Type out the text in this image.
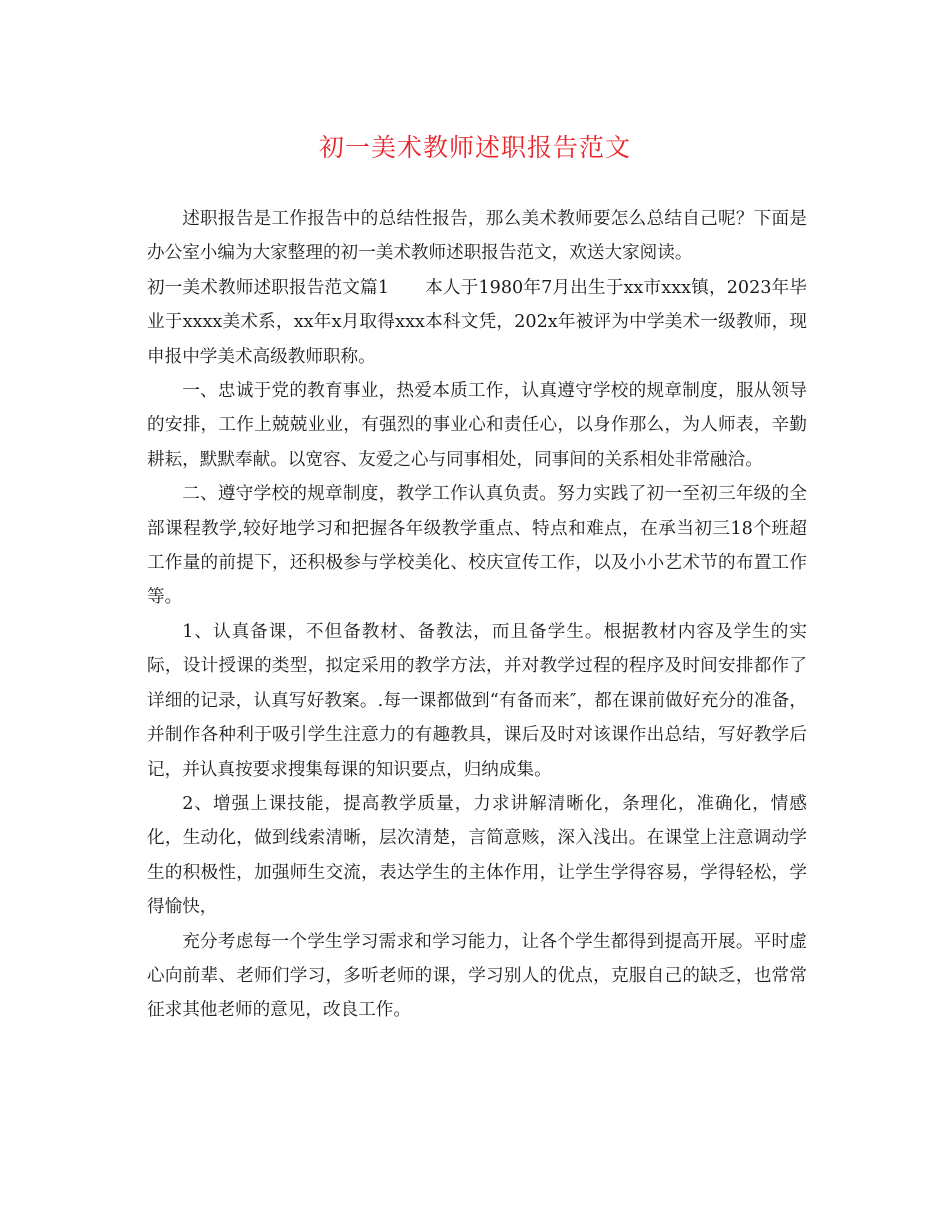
初一美术教师述职报告范文

述职报告是工作报告中的总结性报告，那么美术教师要怎么总结自己呢？下面是办公室小编为大家整理的初一美术教师述职报告范文，欢送大家阅读。

初一美术教师述职报告范文篇1 本人于1980年7月出生于xx市xxx镇，2023年毕业于xxxx美术系，xx年x月取得xxx本科文凭，202x年被评为中学美术一级教师，现申报中学美术高级教师职称。

一、忠诚于党的教育事业，热爱本质工作，认真遵守学校的规章制度，服从领导的安排，工作上兢兢业业，有强烈的事业心和责任心，以身作那么，为人师表，辛勤耕耘，默默奉献。以宽容、友爱之心与同事相处，同事间的关系相处非常融洽。

二、遵守学校的规章制度，教学工作认真负责。努力实践了初一至初三年级的全部课程教学,较好地学习和把握各年级教学重点、特点和难点，在承当初三18个班超工作量的前提下，还积极参与学校美化、校庆宣传工作，以及小小艺术节的布置工作等。

1、认真备课，不但备教材、备教法，而且备学生。根据教材内容及学生的实际，设计授课的类型，拟定采用的教学方法，并对教学过程的程序及时间安排都作了详细的记录，认真写好教案。.每一课都做到“有备而来″，都在课前做好充分的准备，并制作各种利于吸引学生注意力的有趣教具，课后及时对该课作出总结，写好教学后记，并认真按要求搜集每课的知识要点，归纳成集。

2、增强上课技能，提高教学质量，力求讲解清晰化，条理化，准确化，情感化，生动化，做到线索清晰，层次清楚，言简意赅，深入浅出。在课堂上注意调动学生的积极性，加强师生交流，表达学生的主体作用，让学生学得容易，学得轻松，学得愉快，

充分考虑每一个学生学习需求和学习能力，让各个学生都得到提高开展。平时虚心向前辈、老师们学习，多听老师的课，学习别人的优点，克服自己的缺乏，也常常征求其他老师的意见，改良工作。
